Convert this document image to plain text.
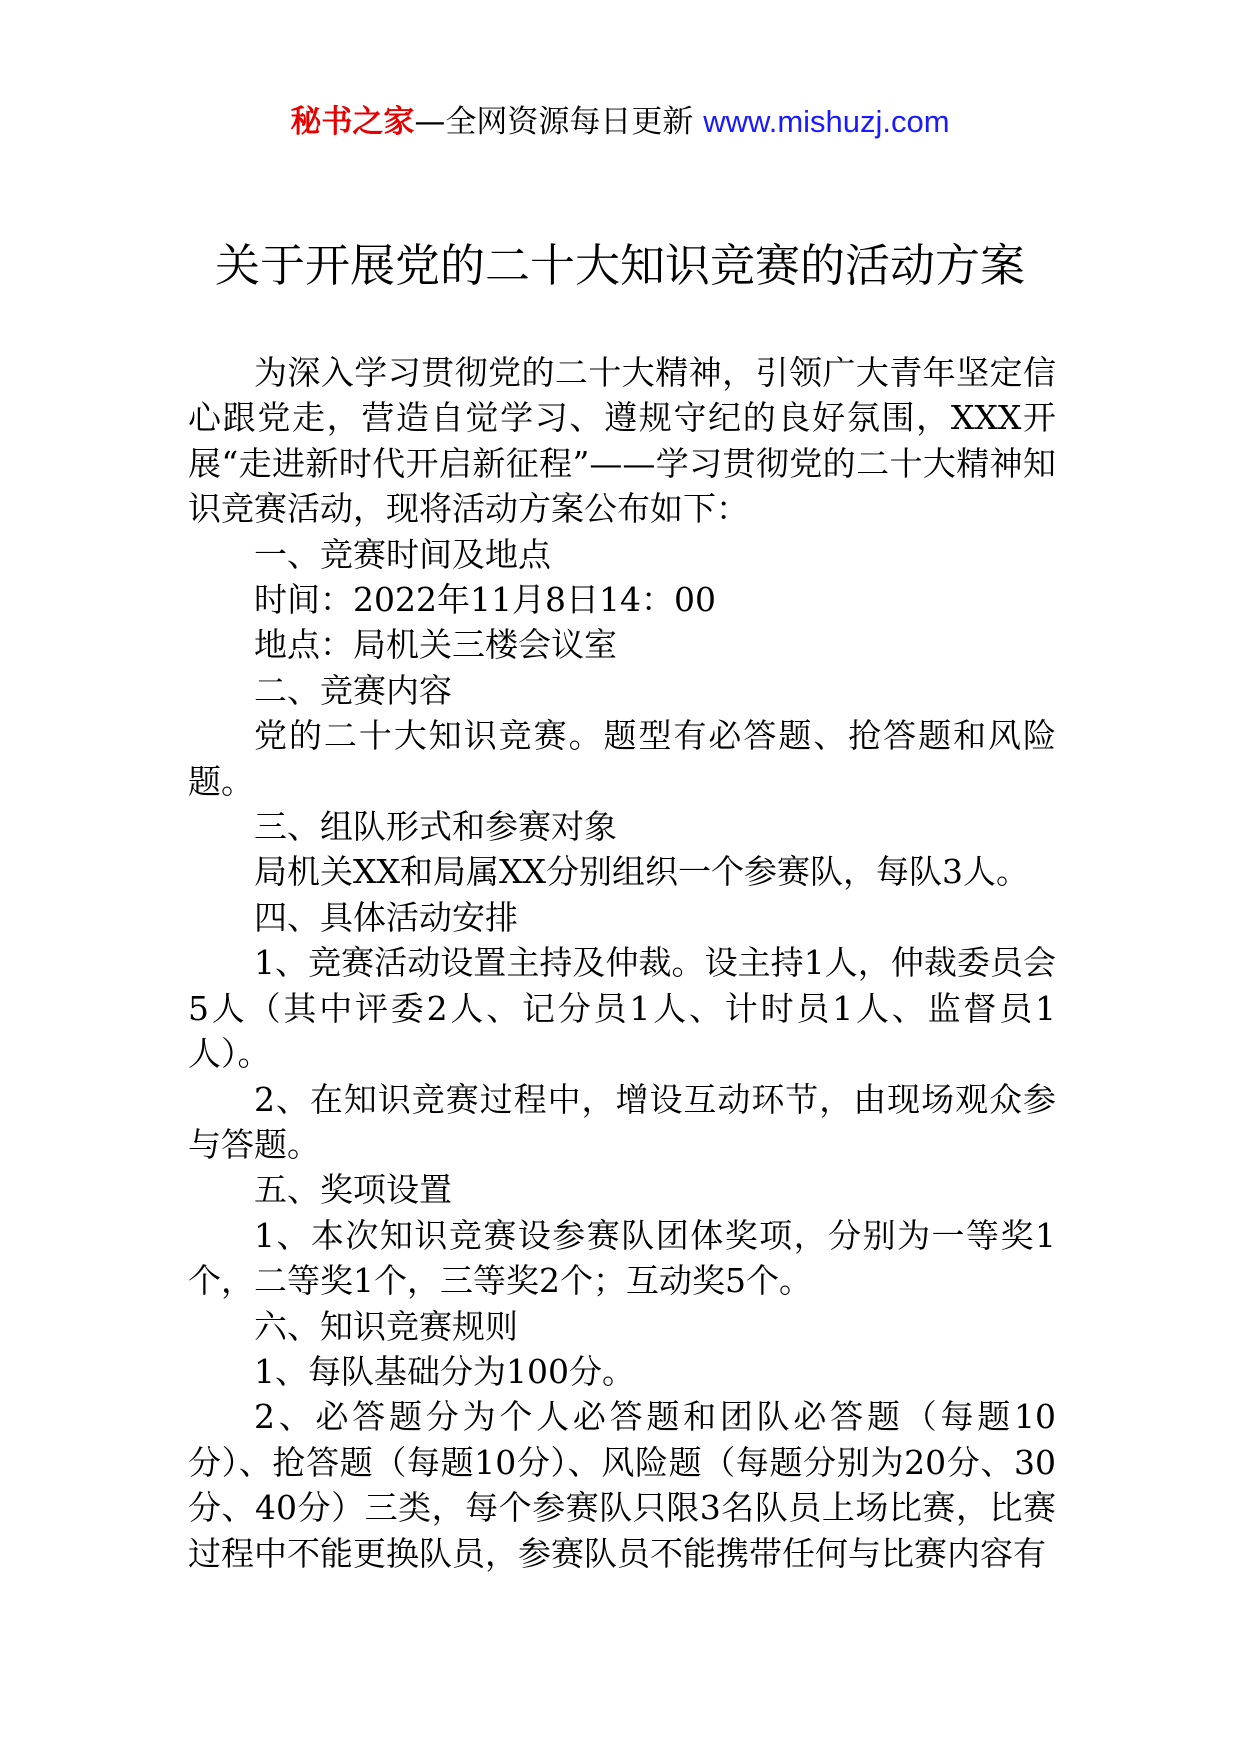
秘书之家—全网资源每日更新 www.mishuzj.com
关于开展党的二十大知识竞赛的活动方案

为深入学习贯彻党的二十大精神，引领广大青年坚定信心跟党走，营造自觉学习、遵规守纪的良好氛围，XXX开展“走进新时代开启新征程”——学习贯彻党的二十大精神知识竞赛活动，现将活动方案公布如下：

一、竞赛时间及地点

时间：2022年11月8日14：00

地点：局机关三楼会议室

二、竞赛内容

党的二十大知识竞赛。题型有必答题、抢答题和风险题。

三、组队形式和参赛对象

局机关XX和局属XX分别组织一个参赛队，每队3人。

四、具体活动安排

1、竞赛活动设置主持及仲裁。设主持1人，仲裁委员会5人（其中评委2人、记分员1人、计时员1人、监督员1人）。

2、在知识竞赛过程中，增设互动环节，由现场观众参与答题。

五、奖项设置

1、本次知识竞赛设参赛队团体奖项，分别为一等奖1个，二等奖1个，三等奖2个；互动奖5个。

六、知识竞赛规则

1、每队基础分为100分。

2、必答题分为个人必答题和团队必答题（每题10分）、抢答题（每题10分）、风险题（每题分别为20分、30分、40分）三类，每个参赛队只限3名队员上场比赛，比赛过程中不能更换队员，参赛队员不能携带任何与比赛内容有
